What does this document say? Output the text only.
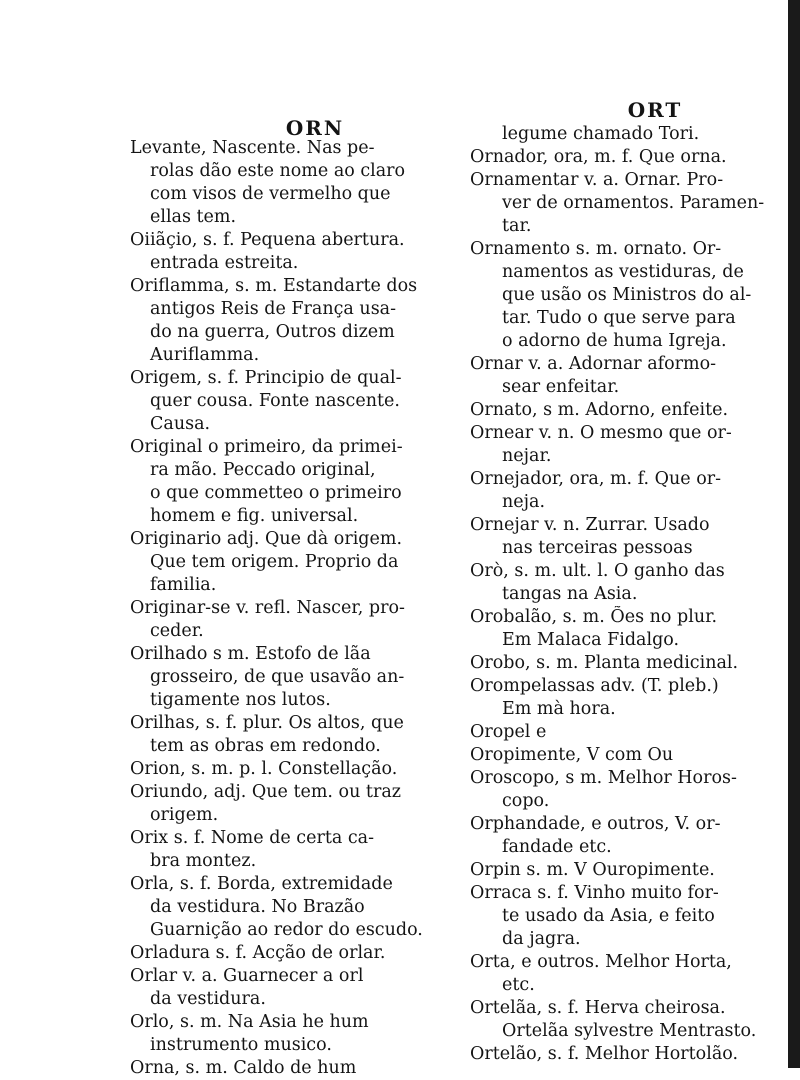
ORN
Levante, Nascente. Nas pe-
rolas dão este nome ao claro
com visos de vermelho que
ellas tem.
Oiiãçio, s. f. Pequena abertura.
entrada estreita.
Oriflamma, s. m. Estandarte dos
antigos Reis de França usa-
do na guerra, Outros dizem
Auriflamma.
Origem, s. f. Principio de qual-
quer cousa. Fonte nascente.
Causa.
Original o primeiro, da primei-
ra mão. Peccado original,
o que commetteo o primeiro
homem e fig. universal.
Originario adj. Que dà origem.
Que tem origem. Proprio da
familia.
Originar-se v. refl. Nascer, pro-
ceder.
Orilhado s m. Estofo de lãa
grosseiro, de que usavão an-
tigamente nos lutos.
Orilhas, s. f. plur. Os altos, que
tem as obras em redondo.
Orion, s. m. p. l. Constellação.
Oriundo, adj. Que tem. ou traz
origem.
Orix s. f. Nome de certa ca-
bra montez.
Orla, s. f. Borda, extremidade
da vestidura. No Brazão
Guarnição ao redor do escudo.
Orladura s. f. Acção de orlar.
Orlar v. a. Guarnecer a orl
da vestidura.
Orlo, s. m. Na Asia he hum
instrumento musico.
Orna, s. m. Caldo de hum
ORT
legume chamado Tori.
Ornador, ora, m. f. Que orna.
Ornamentar v. a. Ornar. Pro-
ver de ornamentos. Paramen-
tar.
Ornamento s. m. ornato. Or-
namentos as vestiduras, de
que usão os Ministros do al-
tar. Tudo o que serve para
o adorno de huma Igreja.
Ornar v. a. Adornar aformo-
sear enfeitar.
Ornato, s m. Adorno, enfeite.
Ornear v. n. O mesmo que or-
nejar.
Ornejador, ora, m. f. Que or-
neja.
Ornejar v. n. Zurrar. Usado
nas terceiras pessoas
Orò, s. m. ult. l. O ganho das
tangas na Asia.
Orobalão, s. m. Ões no plur.
Em Malaca Fidalgo.
Orobo, s. m. Planta medicinal.
Orompelassas adv. (T. pleb.)
Em mà hora.
Oropel e
Oropimente, V com Ou
Oroscopo, s m. Melhor Horos-
copo.
Orphandade, e outros, V. or-
fandade etc.
Orpin s. m. V Ouropimente.
Orraca s. f. Vinho muito for-
te usado da Asia, e feito
da jagra.
Orta, e outros. Melhor Horta,
etc.
Ortelãa, s. f. Herva cheirosa.
Ortelãa sylvestre Mentrasto.
Ortelão, s. f. Melhor Hortolão.
